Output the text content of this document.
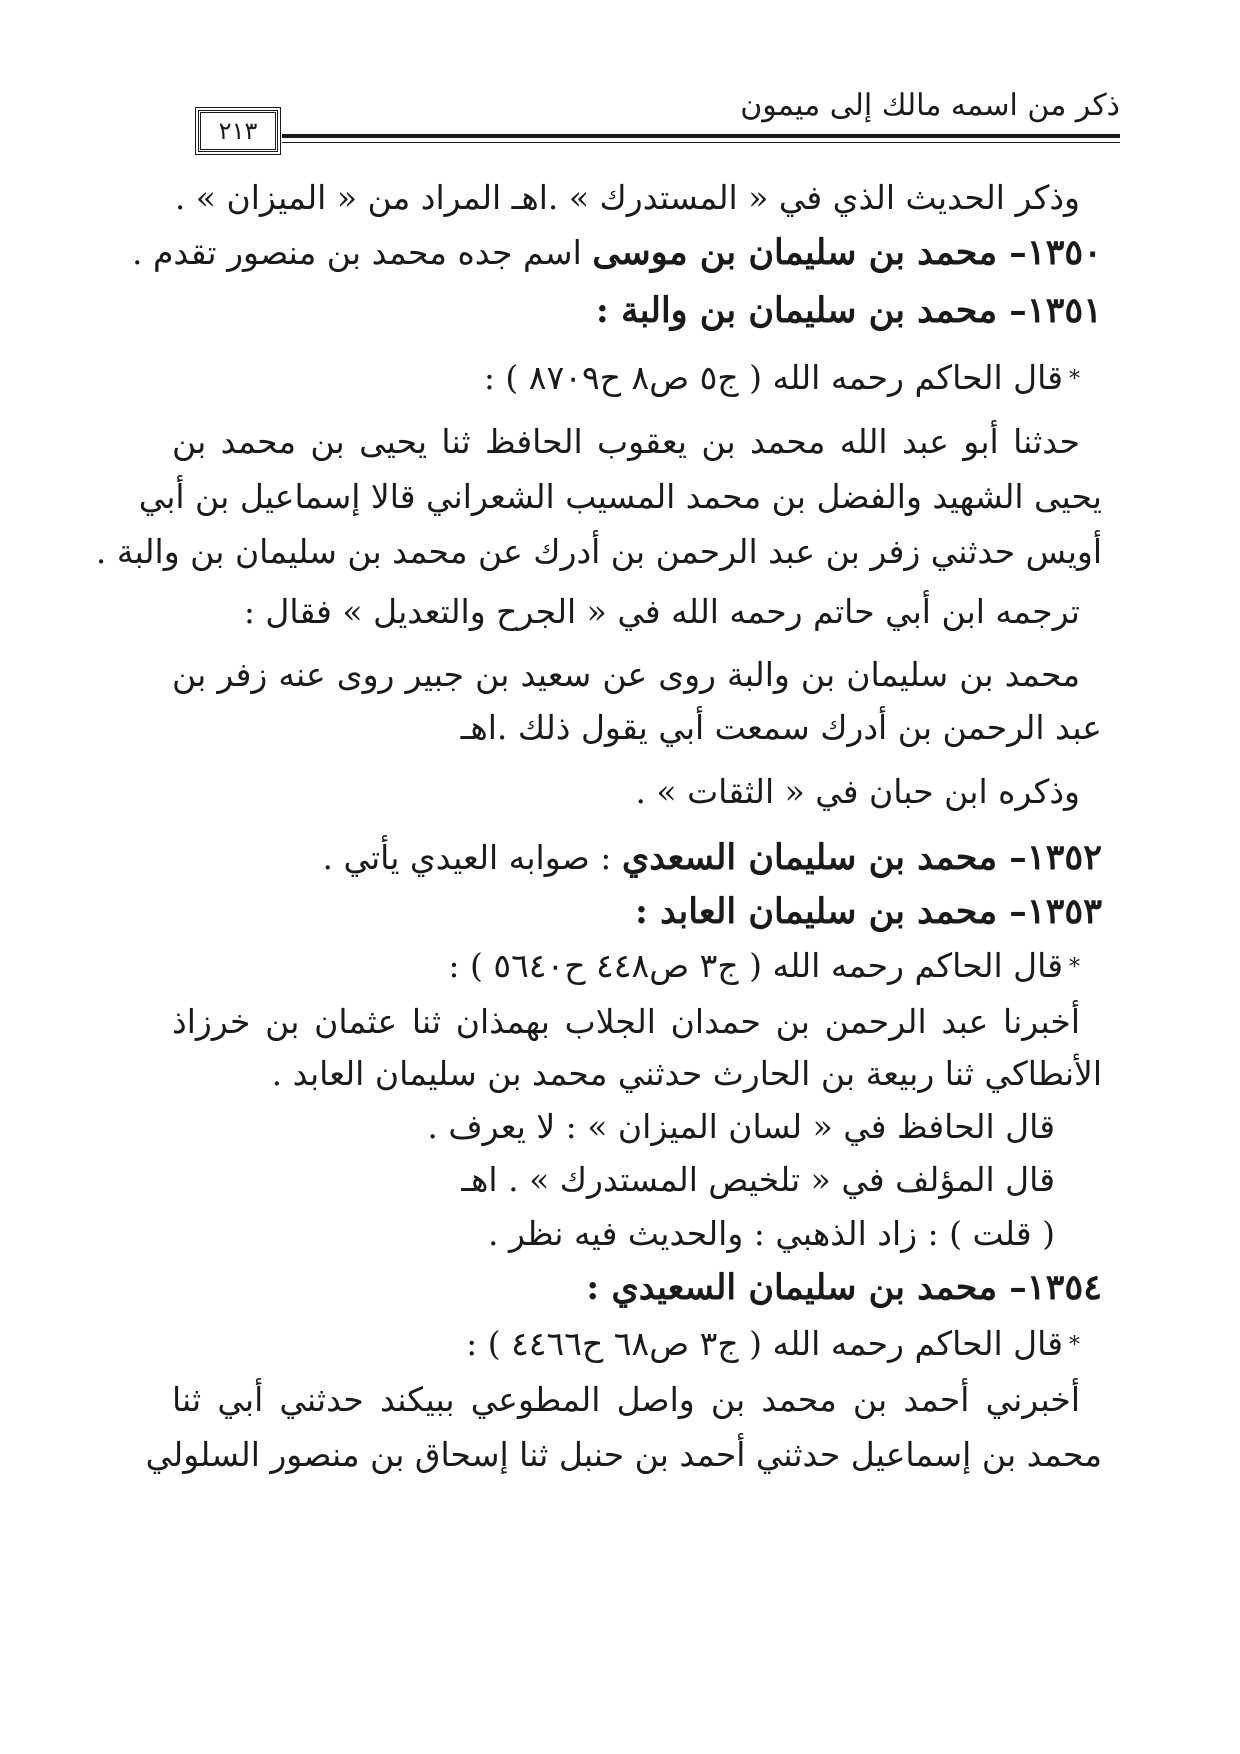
ذكر من اسمه مالك إلى ميمون
٢١٣
وذكر الحديث الذي في « المستدرك » .اهـ المراد من « الميزان » .
١٣٥٠– محمد بن سليمان بن موسى اسم جده محمد بن منصور تقدم .
١٣٥١– محمد بن سليمان بن والبة :
*قال الحاكم رحمه الله ( ج٥ ص٨ ح٨٧٠٩ ) :
حدثنا أبو عبد الله محمد بن يعقوب الحافظ ثنا يحيى بن محمد بن
يحيى الشهيد والفضل بن محمد المسيب الشعراني قالا إسماعيل بن أبي
أويس حدثني زفر بن عبد الرحمن بن أدرك عن محمد بن سليمان بن والبة .
ترجمه ابن أبي حاتم رحمه الله في « الجرح والتعديل » فقال :
محمد بن سليمان بن والبة روى عن سعيد بن جبير روى عنه زفر بن
عبد الرحمن بن أدرك سمعت أبي يقول ذلك .اهـ
وذكره ابن حبان في « الثقات » .
١٣٥٢– محمد بن سليمان السعدي : صوابه العيدي يأتي .
١٣٥٣– محمد بن سليمان العابد :
*قال الحاكم رحمه الله ( ج٣ ص٤٤٨ ح٥٦٤٠ ) :
أخبرنا عبد الرحمن بن حمدان الجلاب بهمذان ثنا عثمان بن خرزاذ
الأنطاكي ثنا ربيعة بن الحارث حدثني محمد بن سليمان العابد .
قال الحافظ في « لسان الميزان » : لا يعرف .
قال المؤلف في « تلخيص المستدرك » . اهـ
( قلت ) : زاد الذهبي : والحديث فيه نظر .
١٣٥٤– محمد بن سليمان السعيدي :
*قال الحاكم رحمه الله ( ج٣ ص٦٨ ح٤٤٦٦ ) :
أخبرني أحمد بن محمد بن واصل المطوعي ببيكند حدثني أبي ثنا
محمد بن إسماعيل حدثني أحمد بن حنبل ثنا إسحاق بن منصور السلولي
